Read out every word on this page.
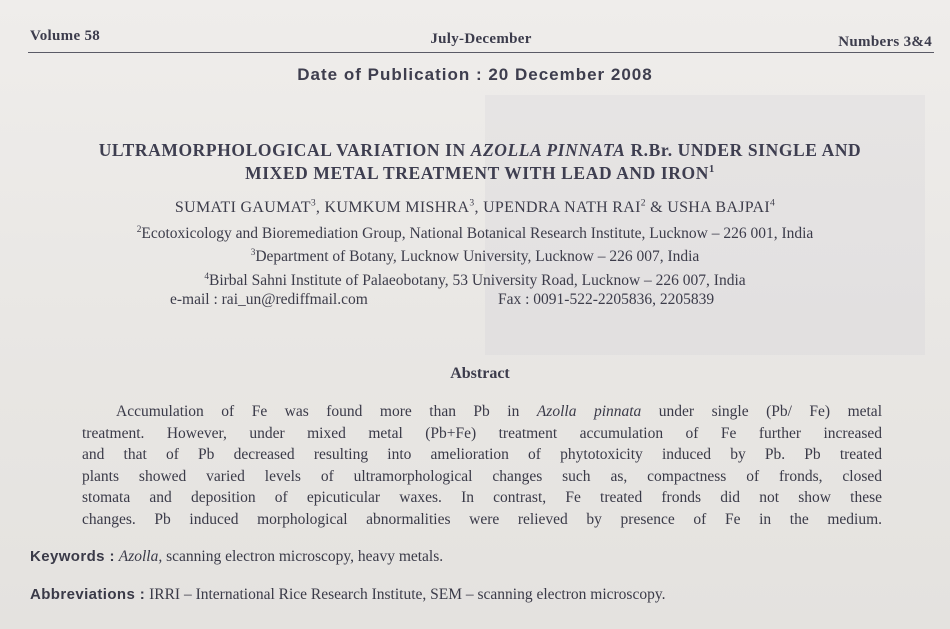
Volume 58	July-December	Numbers 3&4
Date of Publication : 20 December 2008
ULTRAMORPHOLOGICAL VARIATION IN AZOLLA PINNATA R.Br. UNDER SINGLE AND
MIXED METAL TREATMENT WITH LEAD AND IRON$^1$
SUMATI GAUMAT$^3$, KUMKUM MISHRA$^3$, UPENDRA NATH RAI$^2$ & USHA BAJPAI$^4$
$^2$Ecotoxicology and Bioremediation Group, National Botanical Research Institute, Lucknow – 226 001, India
$^3$Department of Botany, Lucknow University, Lucknow – 226 007, India
$^4$Birbal Sahni Institute of Palaeobotany, 53 University Road, Lucknow – 226 007, India
e-mail : rai_un@rediffmail.com	Fax : 0091-522-2205836, 2205839
Abstract
Accumulation of Fe was found more than Pb in Azolla pinnata under single (Pb/ Fe) metal
treatment. However, under mixed metal (Pb+Fe) treatment accumulation of Fe further increased
and that of Pb decreased resulting into amelioration of phytotoxicity induced by Pb. Pb treated
plants showed varied levels of ultramorphological changes such as, compactness of fronds, closed
stomata and deposition of epicuticular waxes. In contrast, Fe treated fronds did not show these
changes. Pb induced morphological abnormalities were relieved by presence of Fe in the medium.
Keywords : Azolla, scanning electron microscopy, heavy metals.
Abbreviations : IRRI – International Rice Research Institute, SEM – scanning electron microscopy.
